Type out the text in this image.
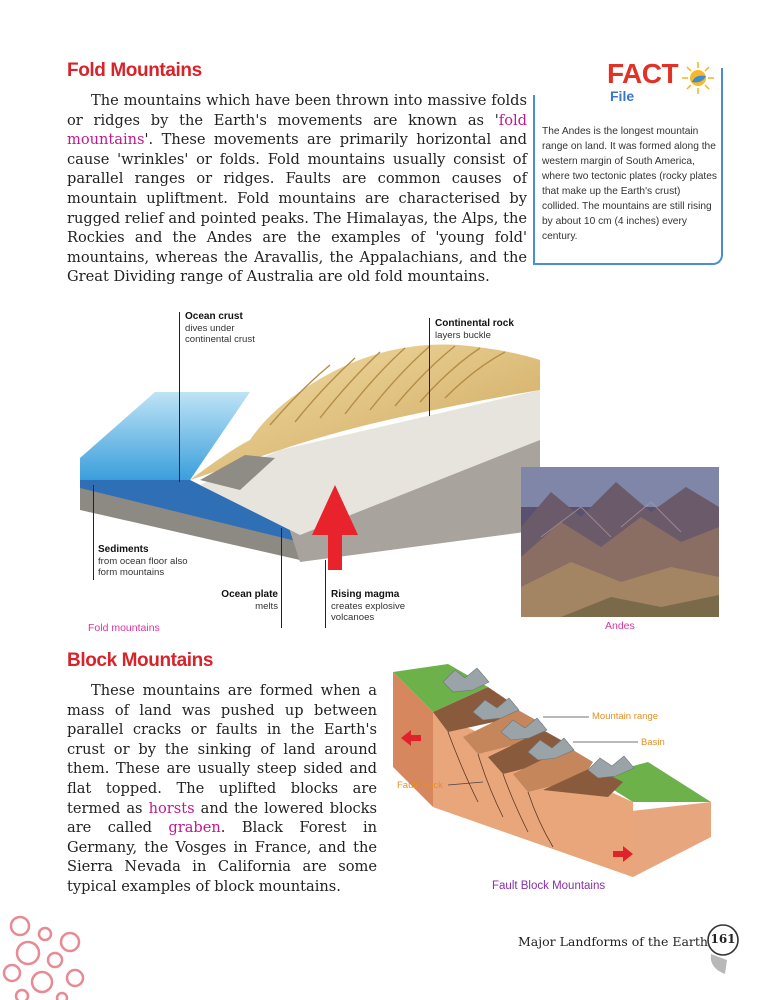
Fold Mountains
The mountains which have been thrown into massive folds or ridges by the Earth's movements are known as 'fold mountains'. These movements are primarily horizontal and cause 'wrinkles' or folds. Fold mountains usually consist of parallel ranges or ridges. Faults are common causes of mountain upliftment. Fold mountains are characterised by rugged relief and pointed peaks. The Himalayas, the Alps, the Rockies and the Andes are the examples of 'young fold' mountains, whereas the Aravallis, the Appalachians, and the Great Dividing range of Australia are old fold mountains.
FACT
File
The Andes is the longest mountain range on land. It was formed along the western margin of South America, where two tectonic plates (rocky plates that make up the Earth's crust) collided. The mountains are still rising by about 10 cm (4 inches) every century.
Ocean crust
dives under continental crust
Continental rock
layers buckle
Sediments
from ocean floor also form mountains
Ocean plate
melts
Rising magma
creates explosive volcanoes
Fold mountains	Andes
Block Mountains
These mountains are formed when a mass of land was pushed up between parallel cracks or faults in the Earth's crust or by the sinking of land around them. These are usually steep sided and flat topped. The uplifted blocks are termed as horsts and the lowered blocks are called graben. Black Forest in Germany, the Vosges in France, and the Sierra Nevada in California are some typical examples of block mountains.
Mountain range
Basin
Fault block
Fault Block Mountains
Major Landforms of the Earth 161
